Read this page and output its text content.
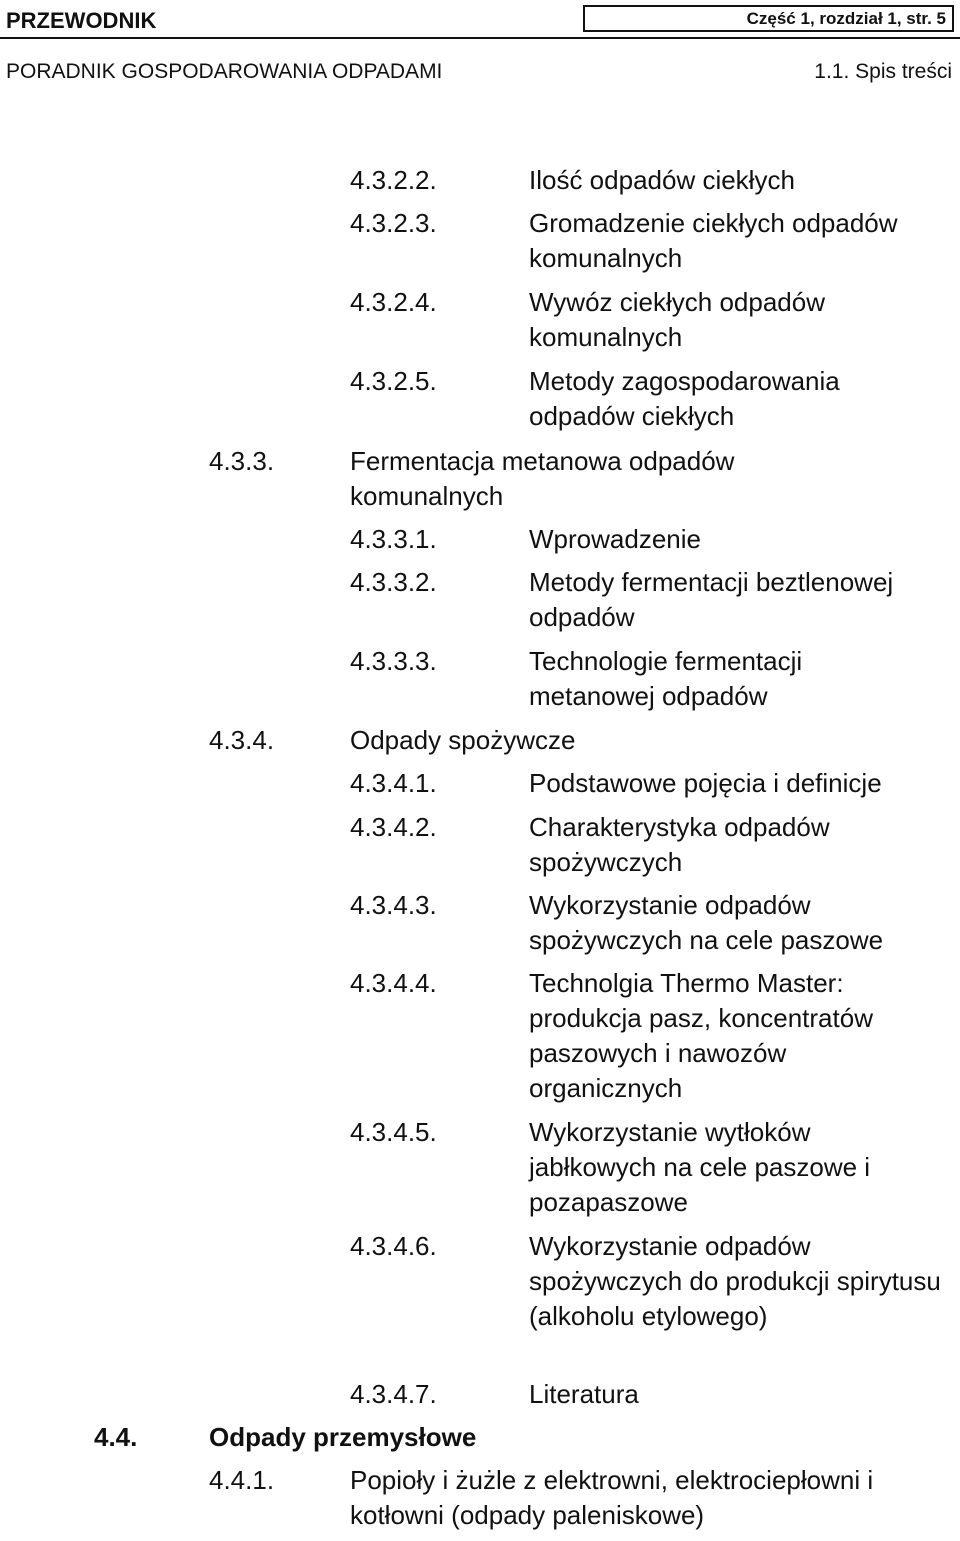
PRZEWODNIK	Część 1, rozdział 1, str. 5
PORADNIK GOSPODAROWANIA ODPADAMI	1.1. Spis treści
4.3.2.2.	Ilość odpadów ciekłych
4.3.2.3.	Gromadzenie ciekłych odpadów komunalnych
4.3.2.4.	Wywóz ciekłych odpadów komunalnych
4.3.2.5.	Metody zagospodarowania odpadów ciekłych
4.3.3.	Fermentacja metanowa odpadów komunalnych
4.3.3.1.	Wprowadzenie
4.3.3.2.	Metody fermentacji beztlenowej odpadów
4.3.3.3.	Technologie fermentacji metanowej odpadów
4.3.4.	Odpady spożywcze
4.3.4.1.	Podstawowe pojęcia i definicje
4.3.4.2.	Charakterystyka odpadów spożywczych
4.3.4.3.	Wykorzystanie odpadów spożywczych na cele paszowe
4.3.4.4.	Technolgia Thermo Master: produkcja pasz, koncentratów paszowych i nawozów organicznych
4.3.4.5.	Wykorzystanie wytłoków jabłkowych na cele paszowe i pozapaszowe
4.3.4.6.	Wykorzystanie odpadów spożywczych do produkcji spirytusu (alkoholu etylowego)
4.3.4.7.	Literatura
4.4.	Odpady przemysłowe
4.4.1.	Popioły i żużle z elektrowni, elektrociepłowni i kotłowni (odpady paleniskowe)
